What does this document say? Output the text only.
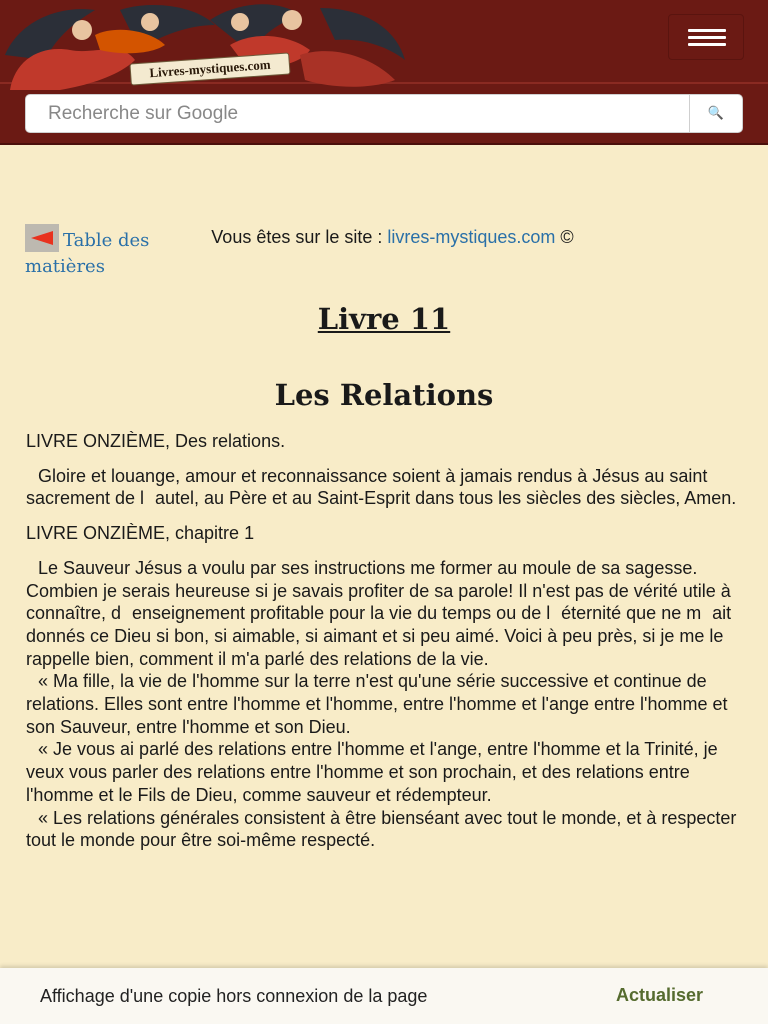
Livres-mystiques.com
Recherche sur Google
🔍
Table des matières
Vous êtes sur le site : livres-mystiques.com ©
Livre 11
Les Relations

LIVRE ONZIÈME, Des relations.

Gloire et louange, amour et reconnaissance soient à jamais rendus à Jésus au saint sacrement de lautel, au Père et au Saint-Esprit dans tous les siècles des siècles, Amen.

LIVRE ONZIÈME, chapitre 1

Le Sauveur Jésus a voulu par ses instructions me former au moule de sa sagesse. Combien je serais heureuse si je savais profiter de sa parole! Il n'est pas de vérité utile à connaître, denseignement profitable pour la vie du temps ou de léternité que ne mait donnés ce Dieu si bon, si aimable, si aimant et si peu aimé. Voici à peu près, si je me le rappelle bien, comment il m'a parlé des relations de la vie.

« Ma fille, la vie de l'homme sur la terre n'est qu'une série successive et continue de relations. Elles sont entre l'homme et l'homme, entre l'homme et l'ange entre l'homme et son Sauveur, entre l'homme et son Dieu.

« Je vous ai parlé des relations entre l'homme et l'ange, entre l'homme et la Trinité, je veux vous parler des relations entre l'homme et son prochain, et des relations entre l'homme et le Fils de Dieu, comme sauveur et rédempteur.

« Les relations générales consistent à être bienséant avec tout le monde, et à respecter tout le monde pour être soi-même respecté.

Affichage d'une copie hors connexion de la page	Actualiser
